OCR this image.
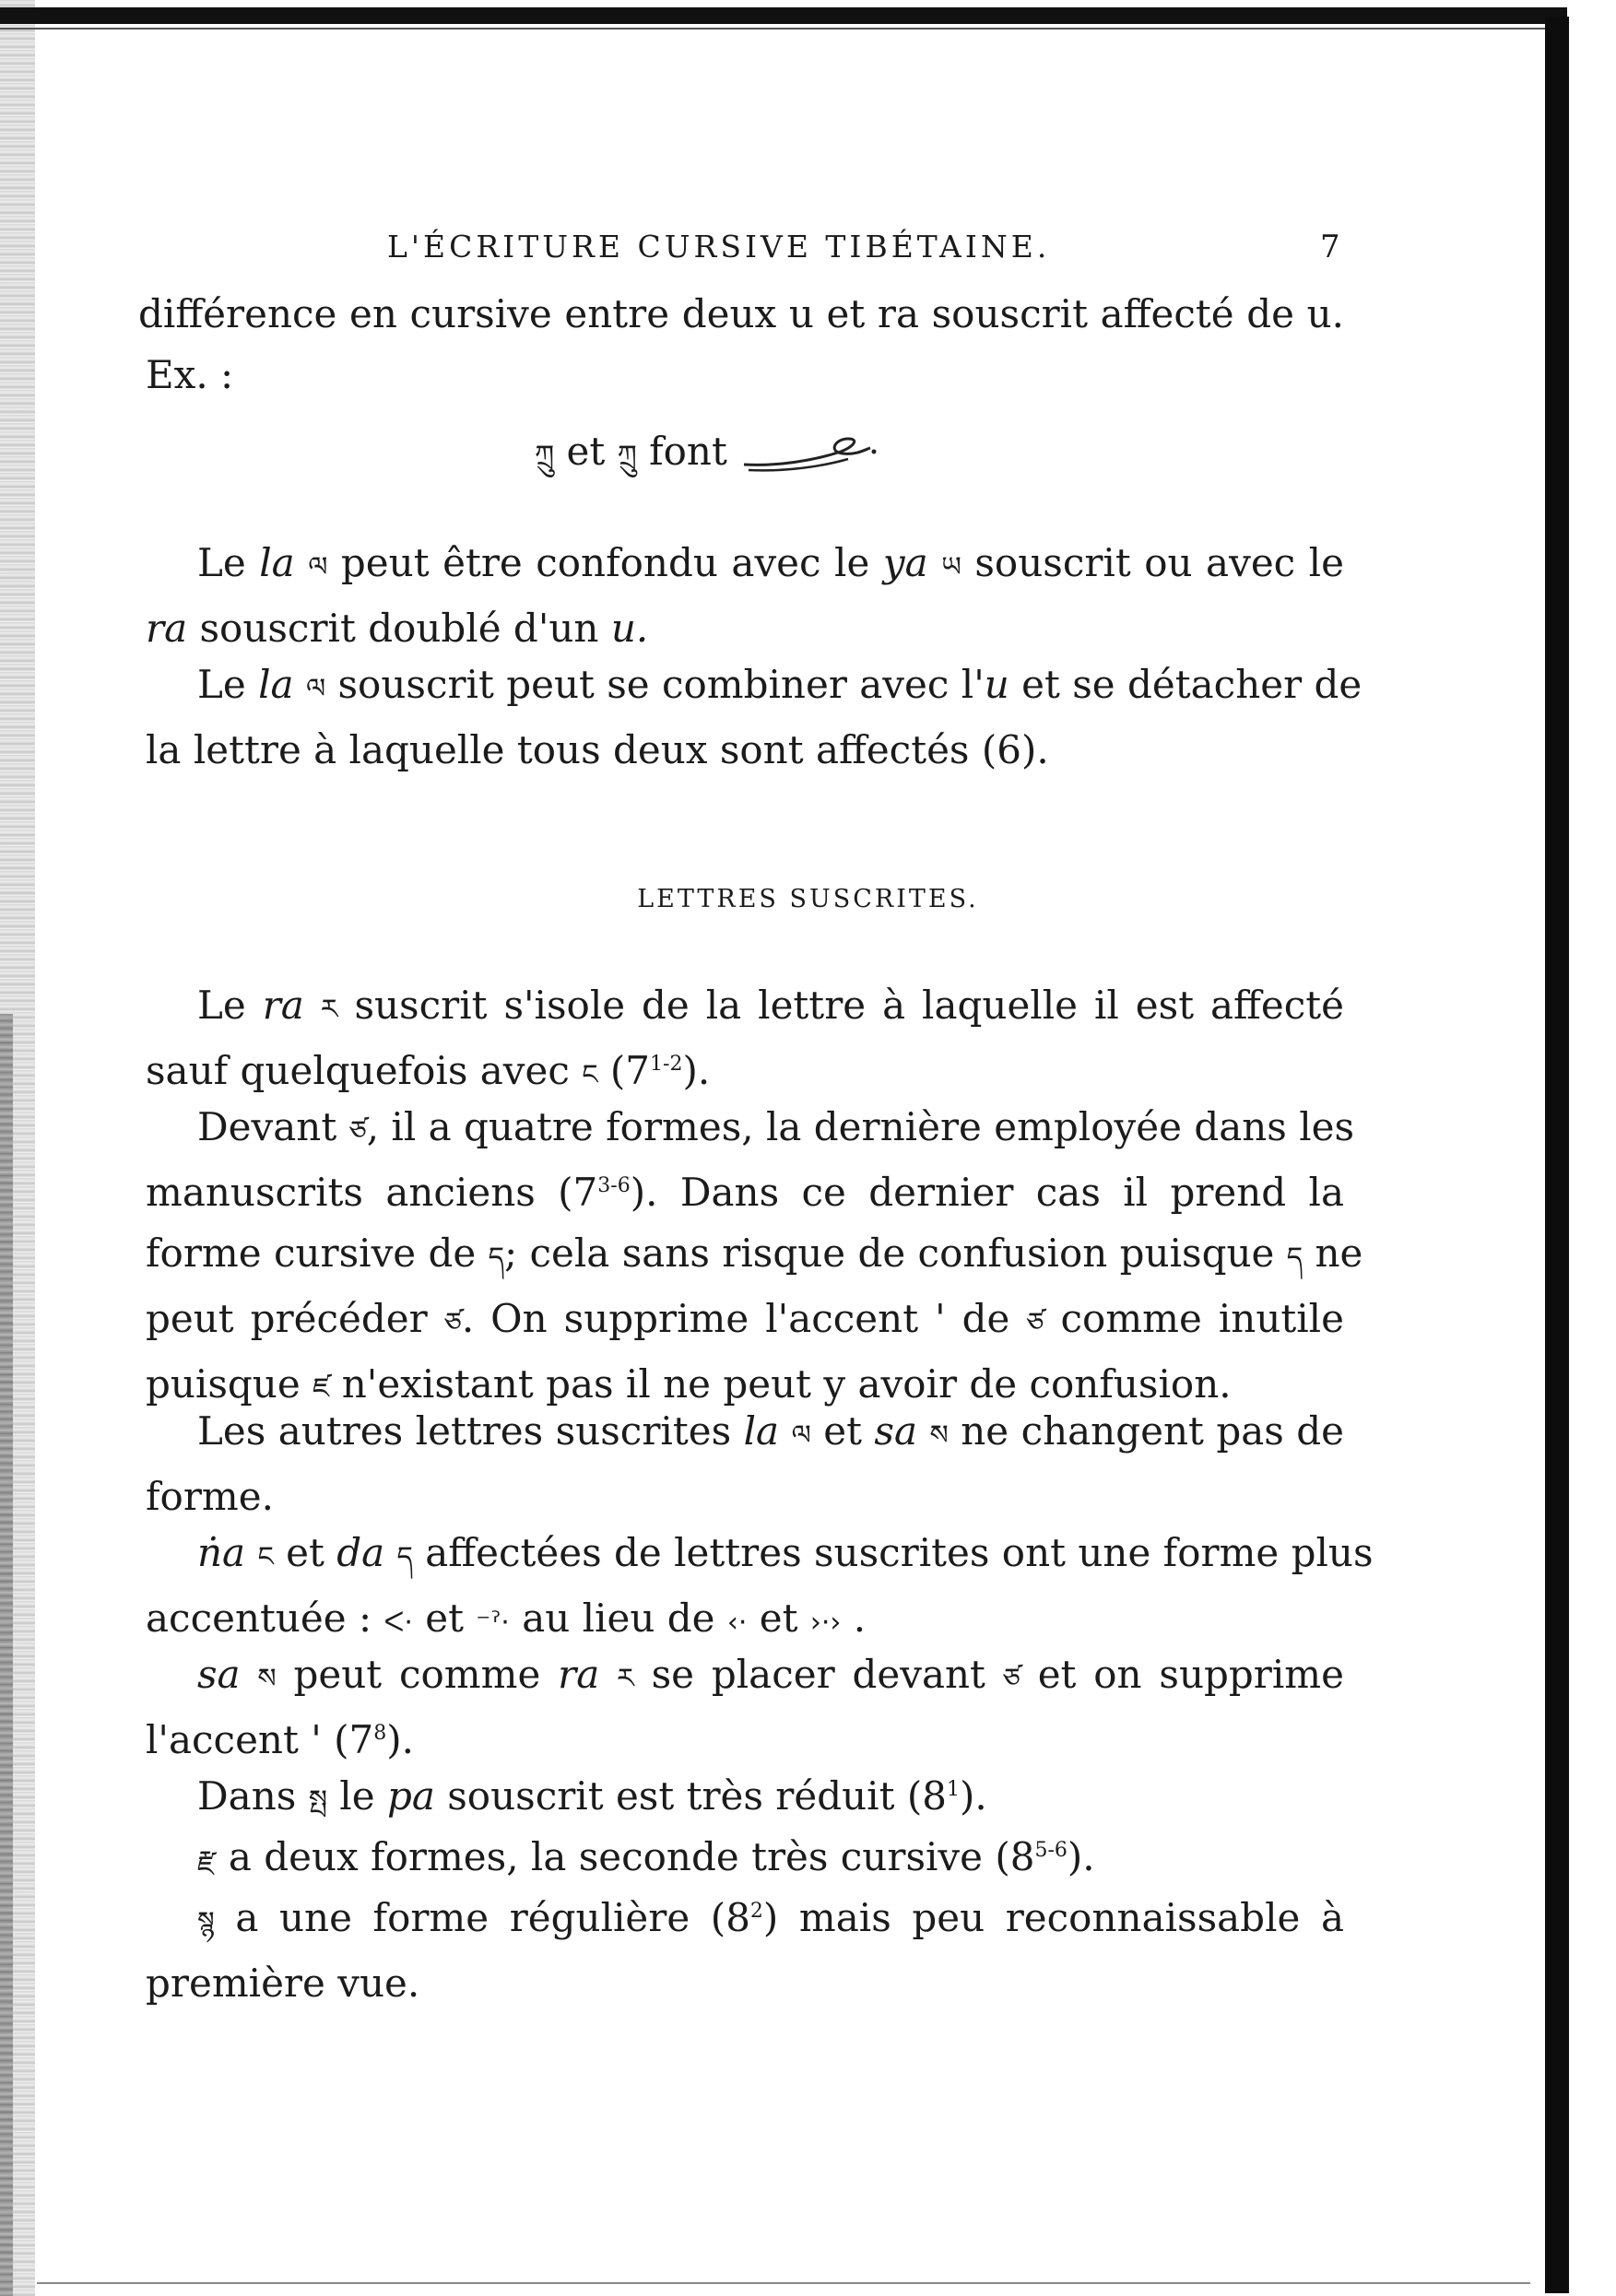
L'ÉCRITURE CURSIVE TIBÉTAINE.	7
différence en cursive entre deux u et ra souscrit affecté de u.
Ex. :
ཀྲུ et ཀྲུ font
Le la ལ peut être confondu avec le ya ཡ souscrit ou avec le
ra souscrit doublé d'un u.
Le la ལ souscrit peut se combiner avec l'u et se détacher de
la lettre à laquelle tous deux sont affectés (6).
LETTRES SUSCRITES.
Le ra ར suscrit s'isole de la lettre à laquelle il est affecté
sauf quelquefois avec ང (7$^{1-2}$).
Devant ཙ, il a quatre formes, la dernière employée dans les
manuscrits anciens (7$^{3-6}$). Dans ce dernier cas il prend la
forme cursive de ད; cela sans risque de confusion puisque ད ne
peut précéder ཙ. On supprime l'accent ' de ཙ comme inutile
puisque ཛ n'existant pas il ne peut y avoir de confusion.
Les autres lettres suscrites la ལ et sa ས ne changent pas de
forme.
ṅa ང et da ད affectées de lettres suscrites ont une forme plus
accentuée : ᐸ· et ⁻ˀ· au lieu de ‹· et ›·› .
sa ས peut comme ra ར se placer devant ཙ et on supprime
l'accent ' $(7^8)$.
Dans སྤ le pa souscrit est très réduit $(8^1)$.
རྫ a deux formes, la seconde très cursive (8$^{5-6}$).
སྙ a une forme régulière $(8^2)$ mais peu reconnaissable à
première vue.
